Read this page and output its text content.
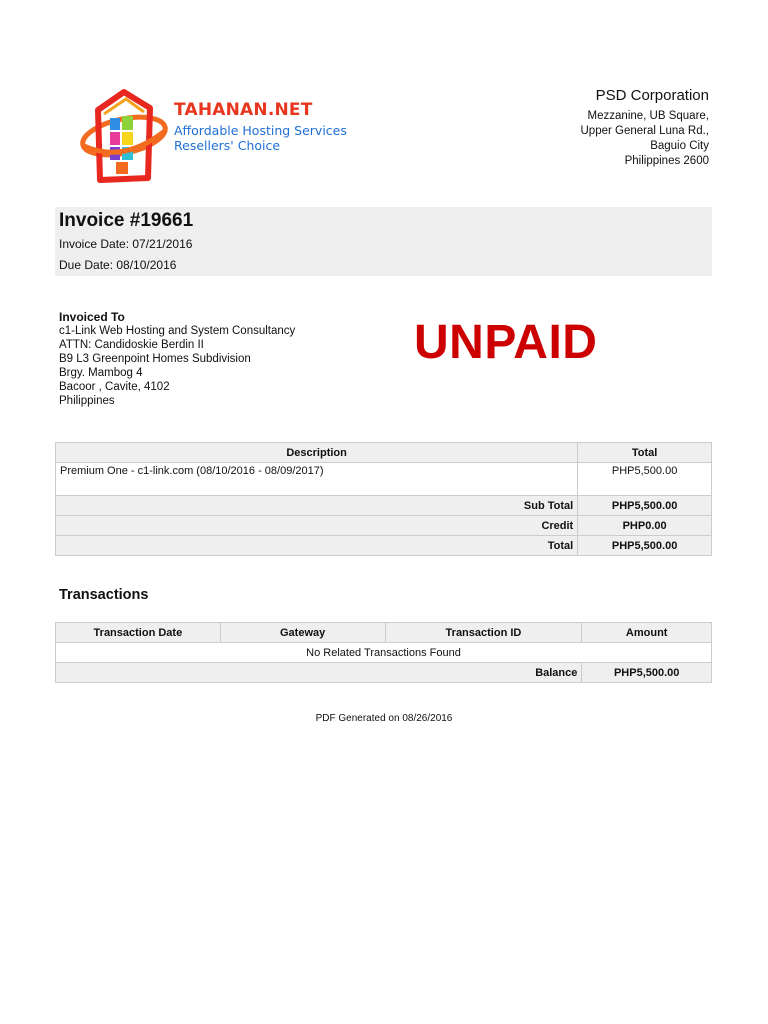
TAHANAN.NET
Affordable Hosting Services
Resellers' Choice
PSD Corporation
Mezzanine, UB Square,
Upper General Luna Rd.,
Baguio City
Philippines 2600
Invoice #19661
Invoice Date: 07/21/2016
Due Date: 08/10/2016
Invoiced To
c1-Link Web Hosting and System Consultancy
ATTN: Candidoskie Berdin II
B9 L3 Greenpoint Homes Subdivision
Brgy. Mambog 4
Bacoor , Cavite, 4102
Philippines
UNPAID
Description	Total
Premium One - c1-link.com (08/10/2016 - 08/09/2017)	PHP5,500.00
Sub Total	PHP5,500.00
Credit	PHP0.00
Total	PHP5,500.00
Transactions
Transaction Date	Gateway	Transaction ID	Amount
No Related Transactions Found			
Balance			PHP5,500.00
PDF Generated on 08/26/2016
